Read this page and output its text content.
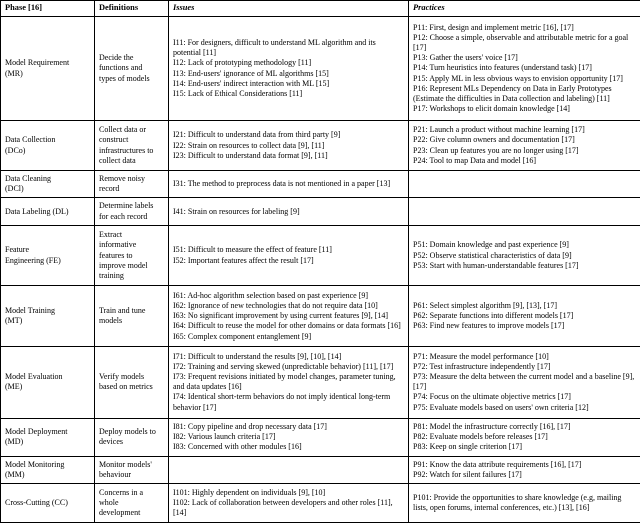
Phase [16]	Definitions	Issues	Practices
Model Requirement (MR)	Decide the functions and types of models	
I11: For designers, difficult to understand ML algorithm and its potential [11]
I12: Lack of prototyping methodology [11]
I13: End-users' ignorance of ML algorithms [15]
I14: End-users' indirect interaction with ML [15]
I15: Lack of Ethical Considerations [11]

P11: First, design and implement metric [16], [17]
P12: Choose a simple, observable and attributable metric for a goal [17]
P13: Gather the users' voice [17]
P14: Turn heuristics into features (understand task) [17]
P15: Apply ML in less obvious ways to envision opportunity [17]
P16: Represent MLs Dependency on Data in Early Prototypes (Estimate the difficulties in Data collection and labeling) [11]
P17: Workshops to elicit domain knowledge [14]

Data Collection (DCo)	Collect data or construct infrastructures to collect data	
I21: Difficult to understand data from third party [9]
I22: Strain on resources to collect data [9], [11]
I23: Difficult to understand data format [9], [11]

P21: Launch a product without machine learning [17]
P22: Give column owners and documentation [17]
P23: Clean up features you are no longer using [17]
P24: Tool to map Data and model [16]

Data Cleaning (DCl)	Remove noisy record	I31: The method to preprocess data is not mentioned in a paper [13]	

Data Labeling (DL)	Determine labels for each record	I41: Strain on resources for labeling [9]	

Feature Engineering (FE)	Extract informative features to improve model training	
I51: Difficult to measure the effect of feature [11]
I52: Important features affect the result [17]

P51: Domain knowledge and past experience [9]
P52: Observe statistical characteristics of data [9]
P53: Start with human-understandable features [17]

Model Training (MT)	Train and tune models	
I61: Ad-hoc algorithm selection based on past experience [9]
I62: Ignorance of new technologies that do not require data [10]
I63: No significant improvement by using current features [9], [14]
I64: Difficult to reuse the model for other domains or data formats [16]
I65: Complex component entanglement [9]

P61: Select simplest algorithm [9], [13], [17]
P62: Separate functions into different models [17]
P63: Find new features to improve models [17]

Model Evaluation (ME)	Verify models based on metrics	
I71: Difficult to understand the results [9], [10], [14]
I72: Training and serving skewed (unpredictable behavior) [11], [17]
I73: Frequent revisions initiated by model changes, parameter tuning, and data updates [16]
I74: Identical short-term behaviors do not imply identical long-term behavior [17]

P71: Measure the model performance [10]
P72: Test infrastructure independently [17]
P73: Measure the delta between the current model and a baseline [9], [17]
P74: Focus on the ultimate objective metrics [17]
P75: Evaluate models based on users' own criteria [12]

Model Deployment (MD)	Deploy models to devices	
I81: Copy pipeline and drop necessary data [17]
I82: Various launch criteria [17]
I83: Concerned with other modules [16]

P81: Model the infrastructure correctly [16], [17]
P82: Evaluate models before releases [17]
P83: Keep on single criterion [17]

Model Monitoring (MM)	Monitor models' behaviour		P91: Know the data attribute requirements [16], [17]
P92: Watch for silent failures [17]

Cross-Cutting (CC)	Concerns in a whole development	I101: Highly dependent on individuals [9], [10]
I102: Lack of collaboration between developers and other roles [11], [14]	P101: Provide the opportunities to share knowledge (e.g, mailing lists, open forums, internal conferences, etc.) [13], [16]
